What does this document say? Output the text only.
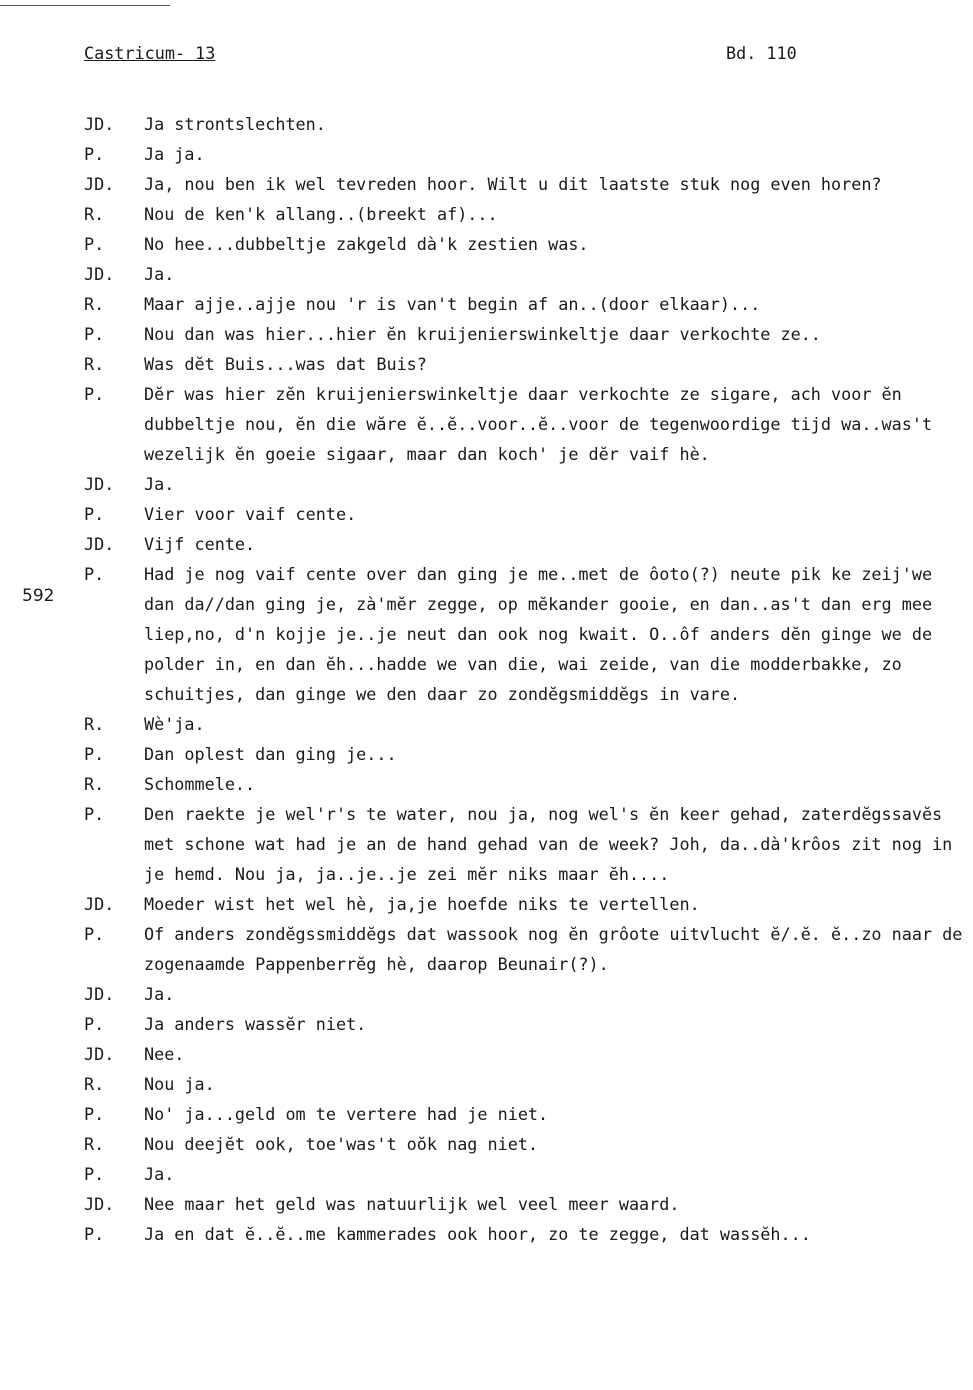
Castricum- 13	Bd. 110
592
JD.	Ja strontslechten.
P.	Ja ja.
JD.	Ja, nou ben ik wel tevreden hoor. Wilt u dit laatste stuk nog even horen?
R.	Nou de ken'k allang..(breekt af)...
P.	No hee...dubbeltje zakgeld dà'k zestien was.
JD.	Ja.
R.	Maar ajje..ajje nou 'r is van't begin af an..(door elkaar)...
P.	Nou dan was hier...hier ĕn kruijenierswinkeltje daar verkochte ze..
R.	Was dĕt Buis...was dat Buis?
P.	Dĕr was hier zĕn kruijenierswinkeltje daar verkochte ze sigare, ach voor ĕn dubbeltje nou, ĕn die wăre ĕ..ĕ..voor..ĕ..voor de tegenwoordige tijd wa..was't wezelijk ĕn goeie sigaar, maar dan koch' je dĕr vaif hè.
JD.	Ja.
P.	Vier voor vaif cente.
JD.	Vijf cente.
P.	Had je nog vaif cente over dan ging je me..met de ôoto(?) neute pik ke zeij'we dan da//dan ging je, zà'mĕr zegge, op mĕkander gooie, en dan..as't dan erg mee liep,no, d'n kojje je..je neut dan ook nog kwait. O..ôf anders dĕn ginge we de polder in, en dan ĕh...hadde we van die, wai zeide, van die modderbakke, zo schuitjes, dan ginge we den daar zo zondĕgsmiddĕgs in vare.
R.	Wè'ja.
P.	Dan oplest dan ging je...
R.	Schommele..
P.	Den raekte je wel'r's te water, nou ja, nog wel's ĕn keer gehad, zaterdĕgssavĕs met schone wat had je an de hand gehad van de week? Joh, da..dà'krôos zit nog in je hemd. Nou ja, ja..je..je zei mĕr niks maar ĕh....
JD.	Moeder wist het wel hè, ja,je hoefde niks te vertellen.
P.	Of anders zondĕgssmiddĕgs dat wassook nog ĕn grôote uitvlucht ĕ/.ĕ. ĕ..zo naar de zogenaamde Pappenberrĕg hè, daarop Beunair(?).
JD.	Ja.
P.	Ja anders wassĕr niet.
JD.	Nee.
R.	Nou ja.
P.	No' ja...geld om te vertere had je niet.
R.	Nou deejĕt ook, toe'was't oŏk nag niet.
P.	Ja.
JD.	Nee maar het geld was natuurlijk wel veel meer waard.
P.	Ja en dat ĕ..ĕ..me kammerades ook hoor, zo te zegge, dat wassĕh...
